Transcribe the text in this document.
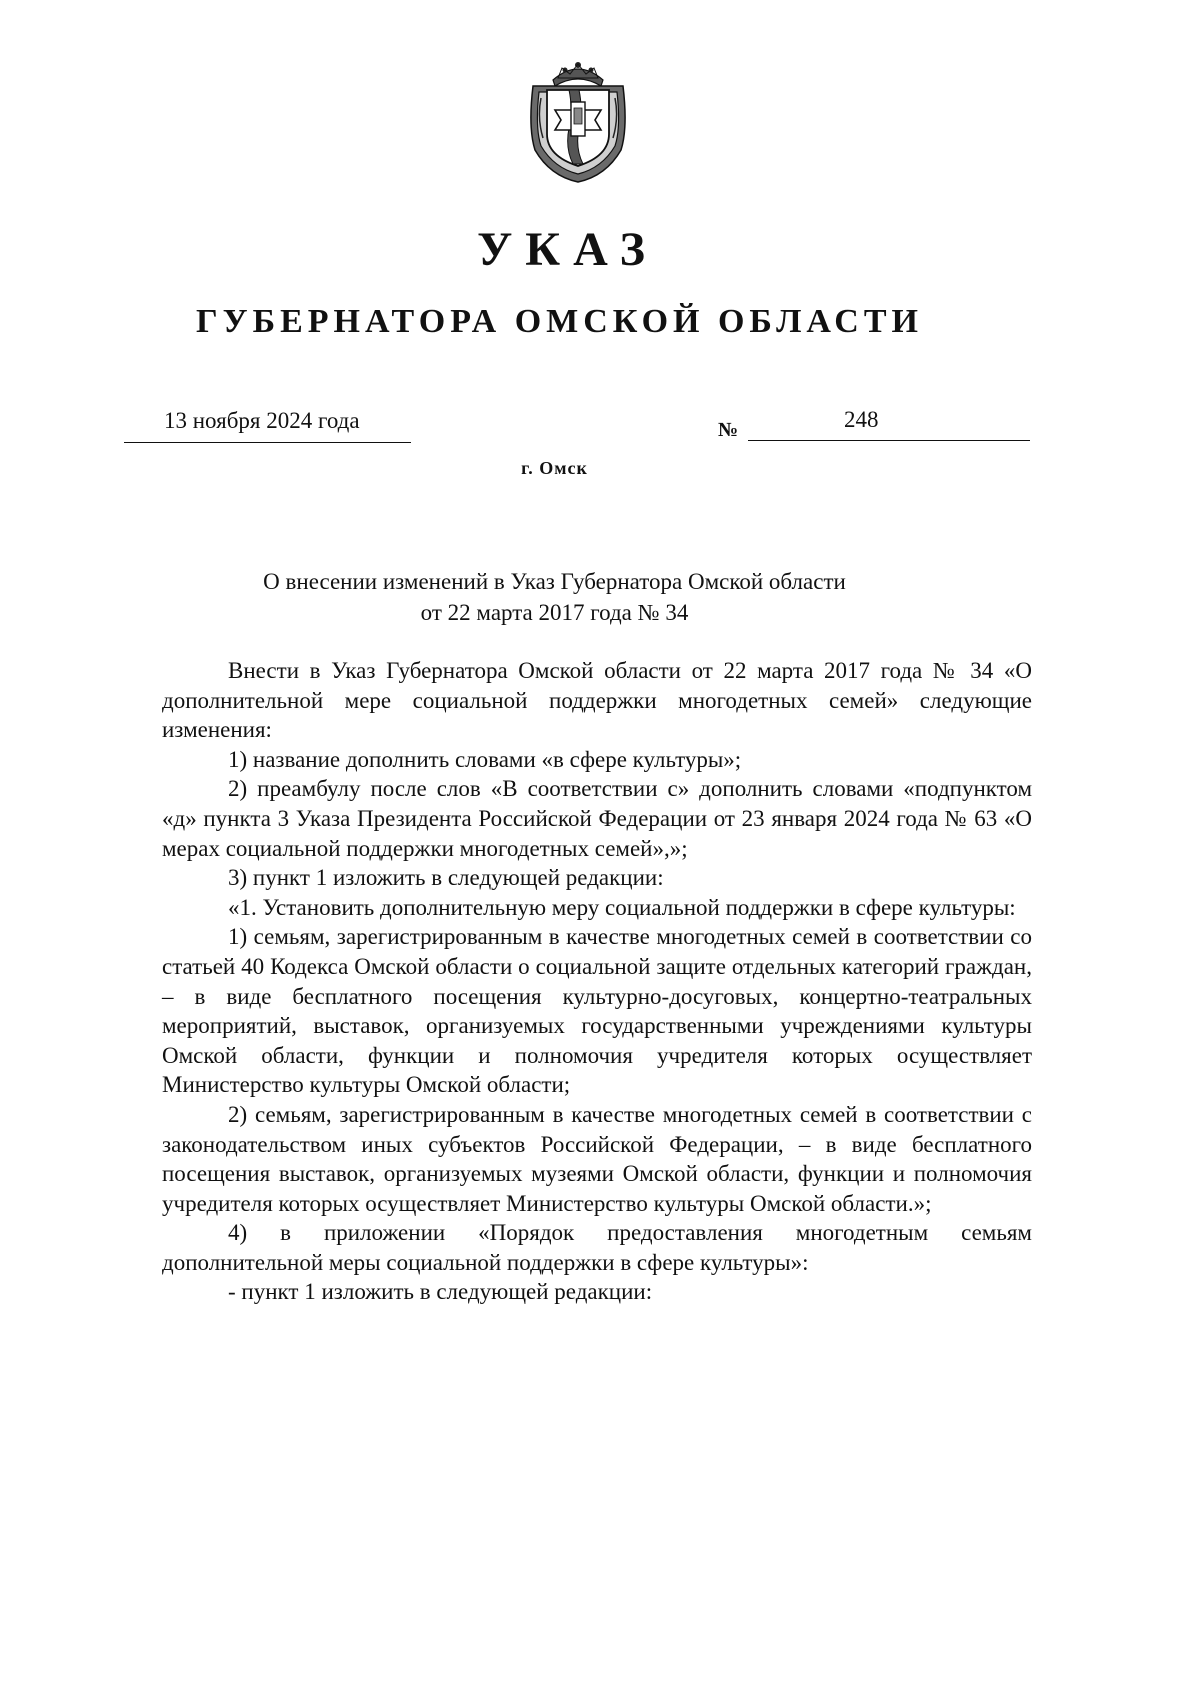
УКАЗ
ГУБЕРНАТОРА ОМСКОЙ ОБЛАСТИ
13 ноября 2024 года	№	248
г. Омск
О внесении изменений в Указ Губернатора Омской области
от 22 марта 2017 года № 34

Внести в Указ Губернатора Омской области от 22 марта 2017 года № 34 «О дополнительной мере социальной поддержки многодетных семей» следующие изменения:

1) название дополнить словами «в сфере культуры»;

2) преамбулу после слов «В соответствии с» дополнить словами «подпунктом «д» пункта 3 Указа Президента Российской Федерации от 23 января 2024 года № 63 «О мерах социальной поддержки многодетных семей»,»;

3) пункт 1 изложить в следующей редакции:

«1. Установить дополнительную меру социальной поддержки в сфере культуры:

1) семьям, зарегистрированным в качестве многодетных семей в соответствии со статьей 40 Кодекса Омской области о социальной защите отдельных категорий граждан, – в виде бесплатного посещения культурно-досуговых, концертно-театральных мероприятий, выставок, организуемых государственными учреждениями культуры Омской области, функции и полномочия учредителя которых осуществляет Министерство культуры Омской области;

2) семьям, зарегистрированным в качестве многодетных семей в соответствии с законодательством иных субъектов Российской Федерации, – в виде бесплатного посещения выставок, организуемых музеями Омской области, функции и полномочия учредителя которых осуществляет Министерство культуры Омской области.»;

4) в приложении «Порядок предоставления многодетным семьям дополнительной меры социальной поддержки в сфере культуры»:

- пункт 1 изложить в следующей редакции:
